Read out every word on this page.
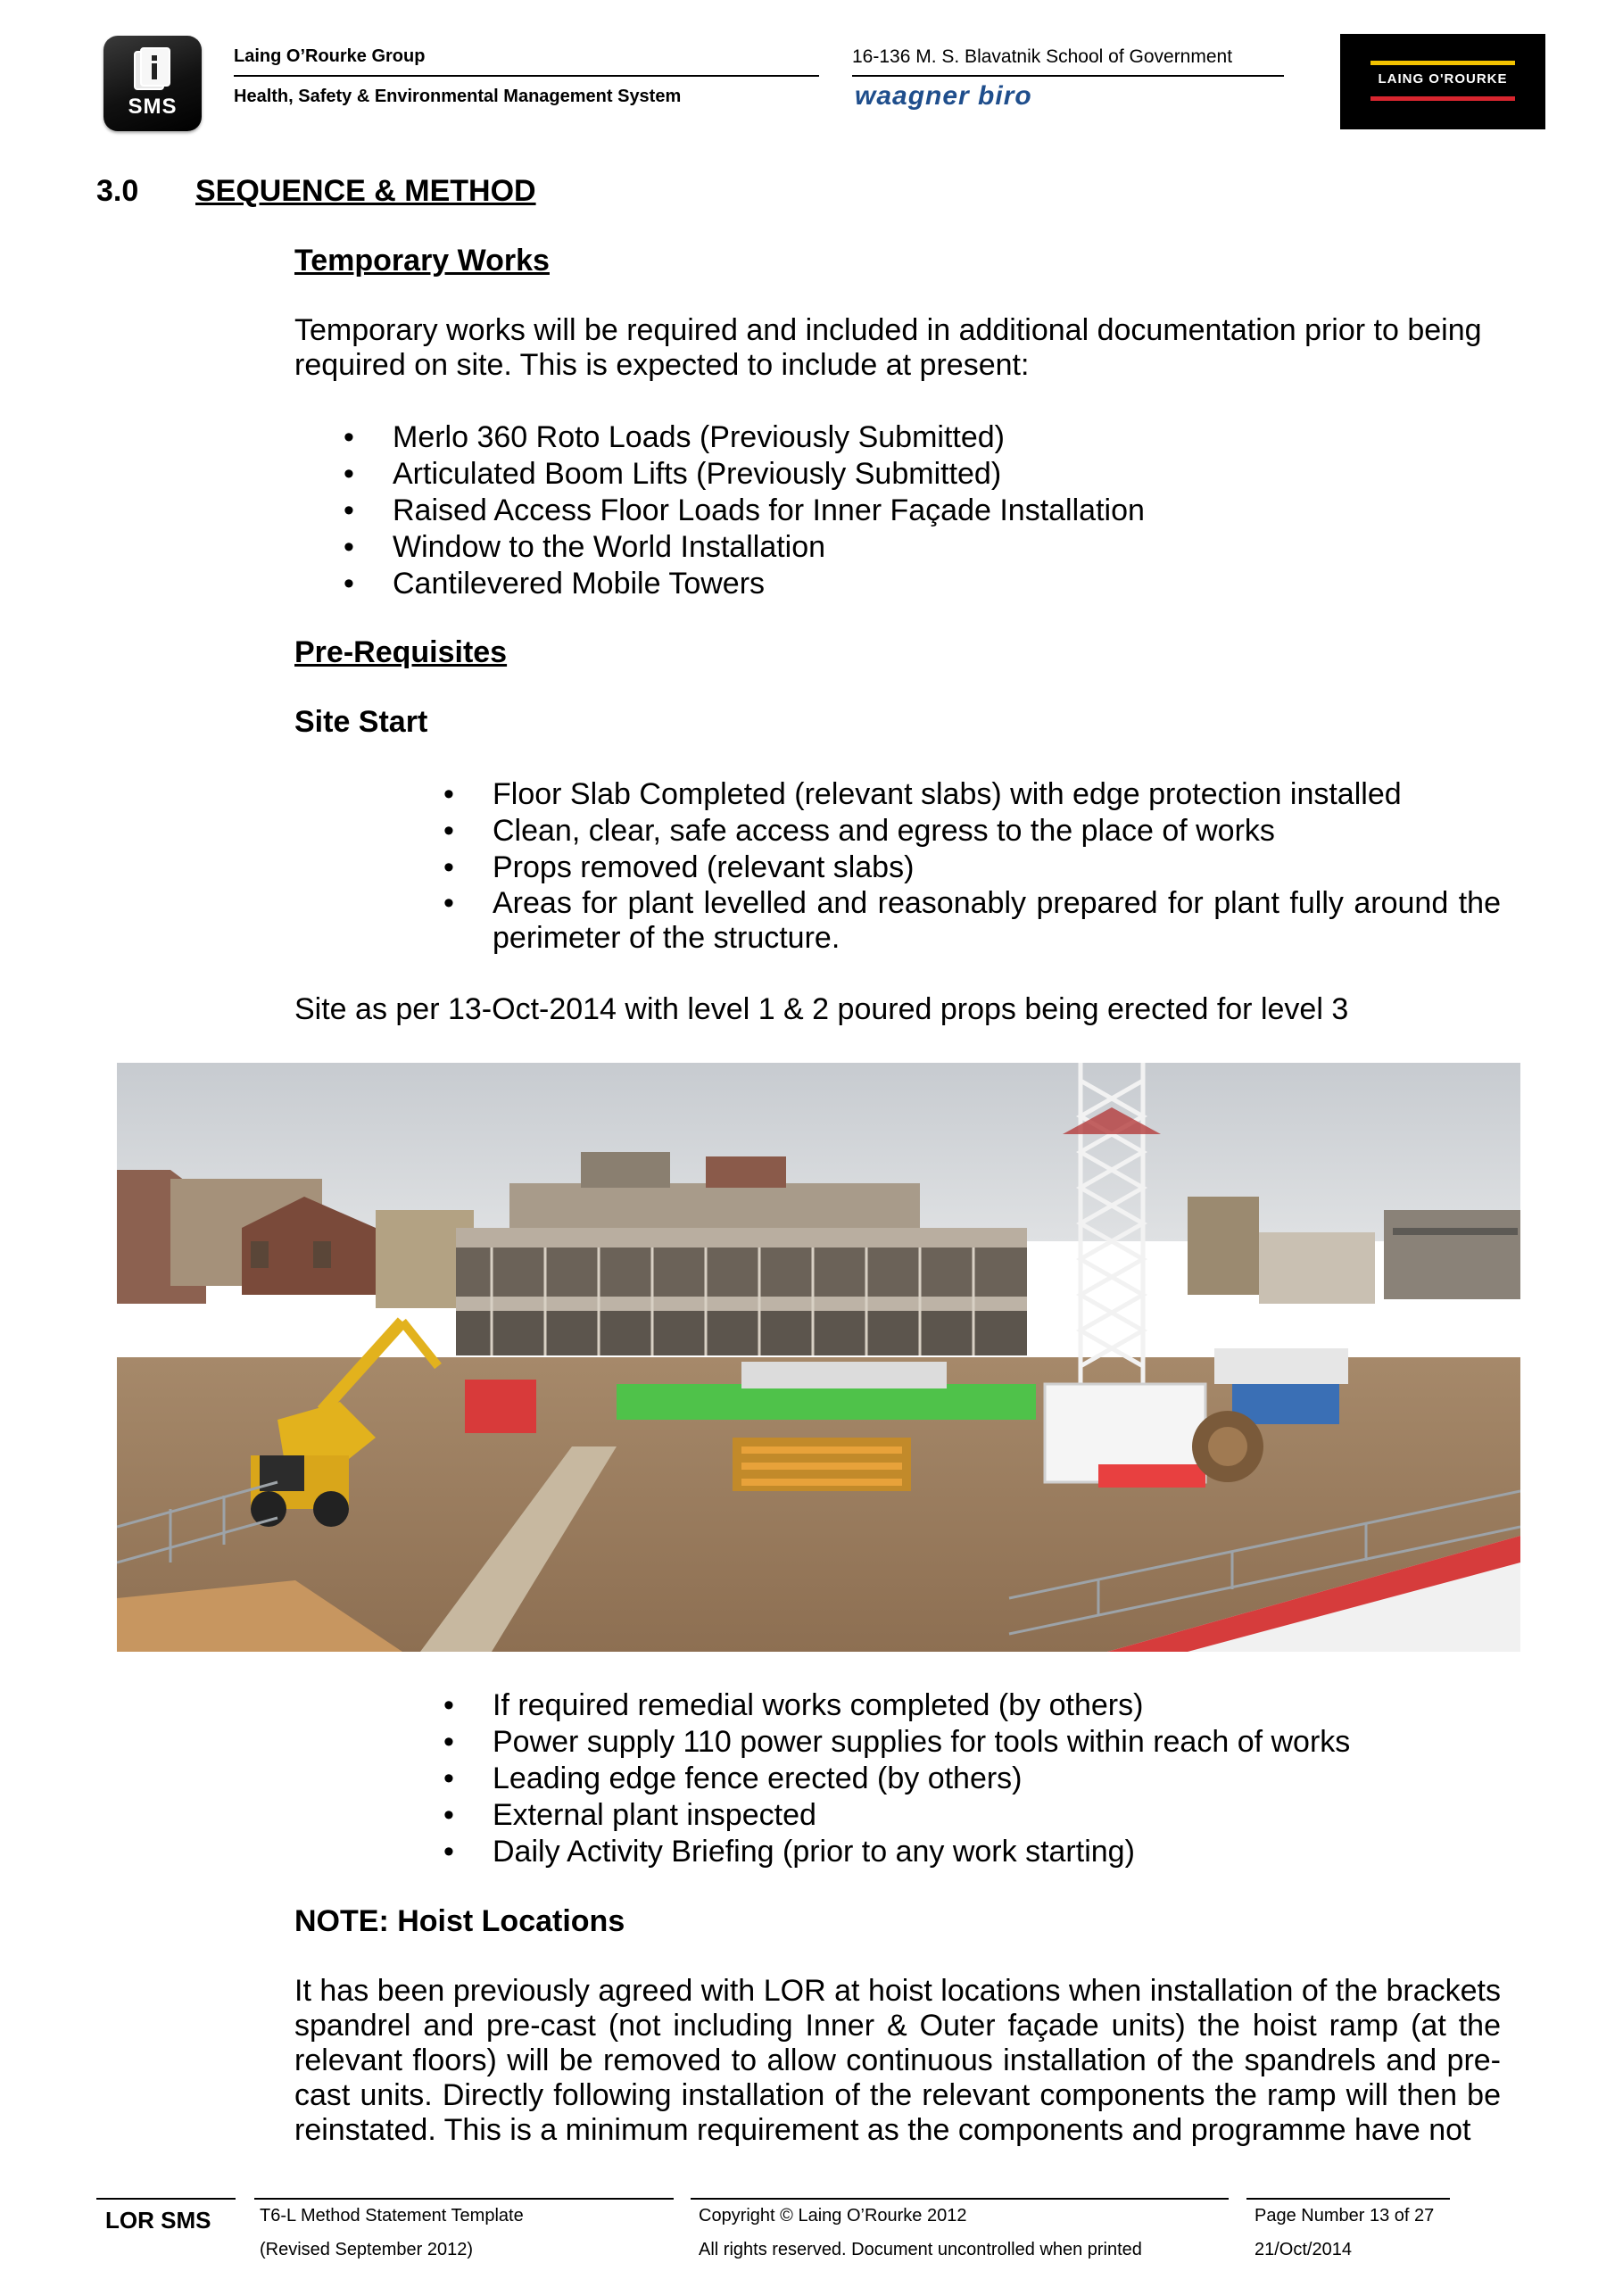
SMS
Laing O’Rourke Group
Health, Safety & Environmental Management System
16-136 M. S. Blavatnik School of Government
waagner biro
LAING O'ROURKE
3.0 SEQUENCE & METHOD
Temporary Works
Temporary works will be required and included in additional documentation prior to being
required on site. This is expected to include at present:
• Merlo 360 Roto Loads (Previously Submitted)
• Articulated Boom Lifts (Previously Submitted)
• Raised Access Floor Loads for Inner Façade Installation
• Window to the World Installation
• Cantilevered Mobile Towers
Pre-Requisites
Site Start
• Floor Slab Completed (relevant slabs) with edge protection installed
• Clean, clear, safe access and egress to the place of works
• Props removed (relevant slabs)
• Areas for plant levelled and reasonably prepared for plant fully around the perimeter of the structure.
Site as per 13-Oct-2014 with level 1 & 2 poured props being erected for level 3
• If required remedial works completed (by others)
• Power supply 110 power supplies for tools within reach of works
• Leading edge fence erected (by others)
• External plant inspected
• Daily Activity Briefing (prior to any work starting)
NOTE: Hoist Locations
It has been previously agreed with LOR at hoist locations when installation of the brackets spandrel and pre-cast (not including Inner & Outer façade units) the hoist ramp (at the relevant floors) will be removed to allow continuous installation of the spandrels and pre-cast units. Directly following installation of the relevant components the ramp will then be reinstated. This is a minimum requirement as the components and programme have not
LOR SMS	T6-L Method Statement Template
(Revised September 2012)
Copyright © Laing O’Rourke 2012
All rights reserved. Document uncontrolled when printed
Page Number 13 of 27
21/Oct/2014
